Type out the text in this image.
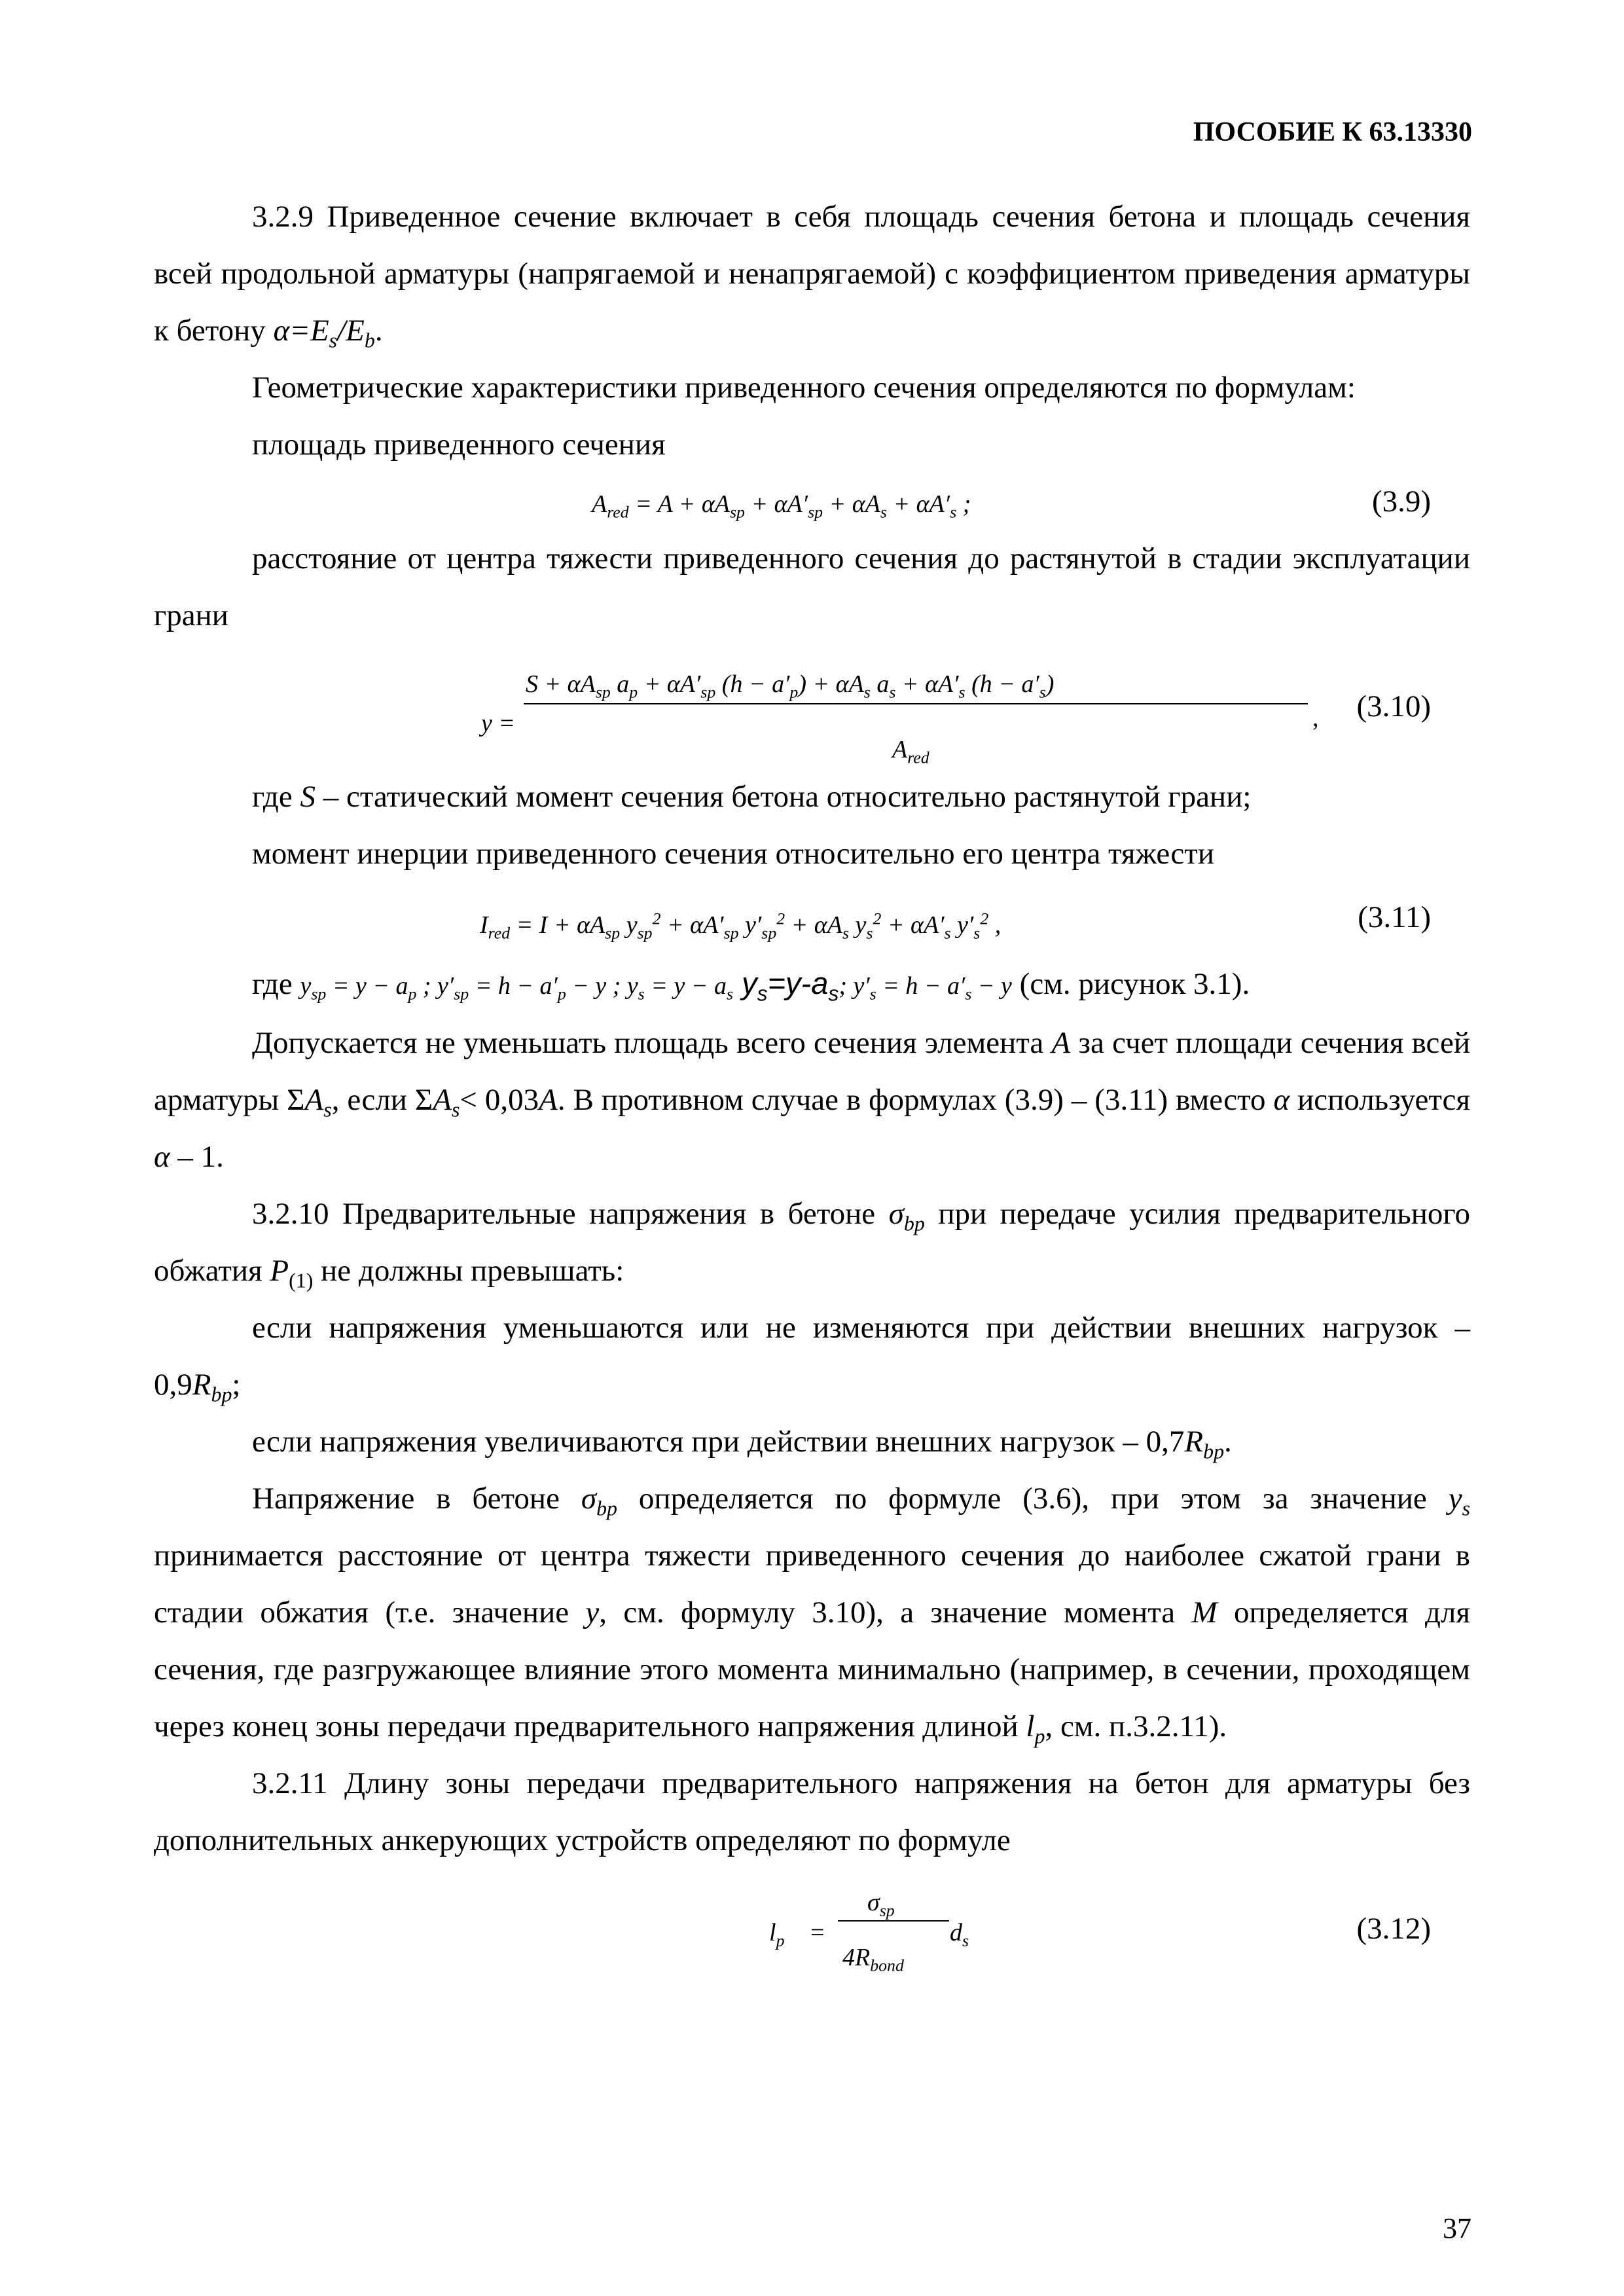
ПОСОБИЕ К 63.13330

3.2.9 Приведенное сечение включает в себя площадь сечения бетона и площадь сечения всей продольной арматуры (напрягаемой и ненапрягаемой) с коэффициентом приведения арматуры к бетону $\alpha=E_s/E_b$.

Геометрические характеристики приведенного сечения определяются по формулам:

площадь приведенного сечения

$A_{red} = A + \alpha A_{sp} + \alpha A'_{sp} + \alpha A_s + \alpha A'_s$ ;	(3.9)

расстояние от центра тяжести приведенного сечения до растянутой в стадии эксплуатации грани

y =
$S + \alpha A_{sp}$ $a_p + \alpha A'_{sp}$ $(h - a'_p) + \alpha A_s$ $a_s + \alpha A'_s$ $(h - a'_s)$
$A_{red}$
, (3.10)

где S – статический момент сечения бетона относительно растянутой грани;

момент инерции приведенного сечения относительно его центра тяжести

$I_{red} = I + \alpha A_{sp}$ $y_{sp}^2 + \alpha A'_{sp}$ $y'_{sp}^2 + \alpha A_s$ $y_s^2 + \alpha A'_s$ $y'_s^2$ ,	(3.11)

где $y_{sp} = y - a_p$ ; $y'_{sp} = h - a'_p - y$ ; $y_s = y - a_s$ $y_s=y-a_s$; $y'_s = h - a'_s - y$ (см. рисунок 3.1).

Допускается не уменьшать площадь всего сечения элемента A за счет площади сечения всей арматуры $\Sigma A_s$, если $\Sigma A_s< 0,03A$. В противном случае в формулах (3.9) – (3.11) вместо α используется α – 1.

3.2.10 Предварительные напряжения в бетоне $\sigma_{bp}$ при передаче усилия предварительного обжатия $P_{(1)}$ не должны превышать:

если напряжения уменьшаются или не изменяются при действии внешних нагрузок – $0,9R_{bp}$;

если напряжения увеличиваются при действии внешних нагрузок – $0,7R_{bp}$.

Напряжение в бетоне $\sigma_{bp}$ определяется по формуле (3.6), при этом за значение $y_s$ принимается расстояние от центра тяжести приведенного сечения до наиболее сжатой грани в стадии обжатия (т.е. значение y, см. формулу 3.10), а значение момента M определяется для сечения, где разгружающее влияние этого момента минимально (например, в сечении, проходящем через конец зоны передачи предварительного напряжения длиной $l_p$, см. п.3.2.11).

3.2.11 Длину зоны передачи предварительного напряжения на бетон для арматуры без дополнительных анкерующих устройств определяют по формуле

$l_p$ =
$\sigma_{sp}$
$4R_{bond}$
$d_s$	(3.12)
37
